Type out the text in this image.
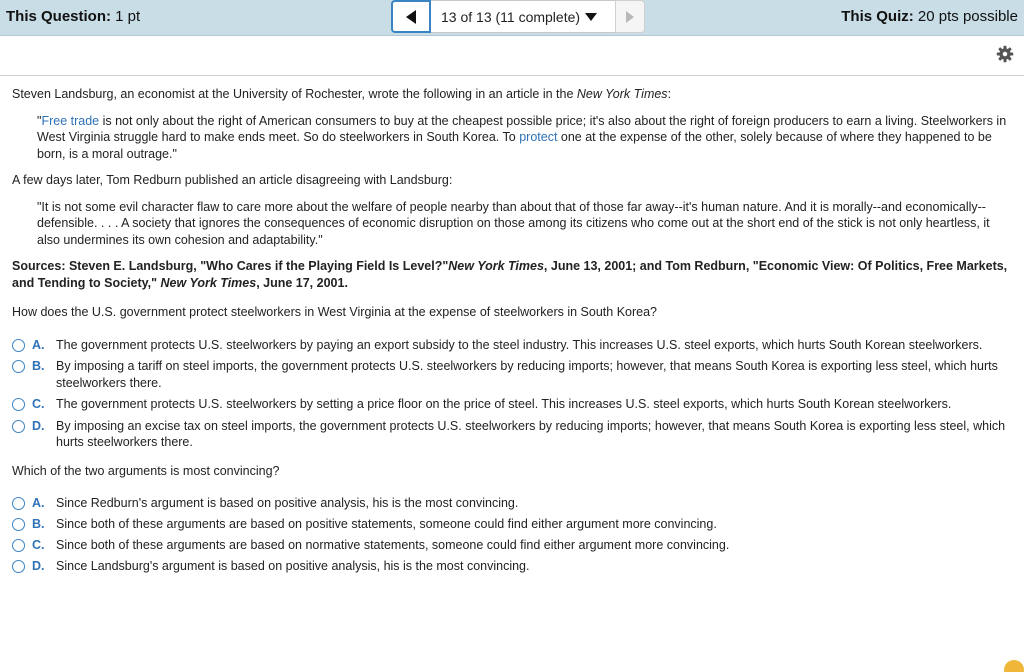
This Question: 1 pt	13 of 13 (11 complete)	This Quiz: 20 pts possible
Steven Landsburg, an economist at the University of Rochester, wrote the following in an article in the New York Times:
"Free trade is not only about the right of American consumers to buy at the cheapest possible price; it's also about the right of foreign producers to earn a living. Steelworkers in West Virginia struggle hard to make ends meet. So do steelworkers in South Korea. To protect one at the expense of the other, solely because of where they happened to be born, is a moral outrage."
A few days later, Tom Redburn published an article disagreeing with Landsburg:
"It is not some evil character flaw to care more about the welfare of people nearby than about that of those far away--it's human nature. And it is morally--and economically--defensible. . . . A society that ignores the consequences of economic disruption on those among its citizens who come out at the short end of the stick is not only heartless, it also undermines its own cohesion and adaptability."
Sources: Steven E. Landsburg, "Who Cares if the Playing Field Is Level?"New York Times, June 13, 2001; and Tom Redburn, "Economic View: Of Politics, Free Markets, and Tending to Society," New York Times, June 17, 2001.
How does the U.S. government protect steelworkers in West Virginia at the expense of steelworkers in South Korea?
A. The government protects U.S. steelworkers by paying an export subsidy to the steel industry. This increases U.S. steel exports, which hurts South Korean steelworkers.
B. By imposing a tariff on steel imports, the government protects U.S. steelworkers by reducing imports; however, that means South Korea is exporting less steel, which hurts steelworkers there.
C. The government protects U.S. steelworkers by setting a price floor on the price of steel. This increases U.S. steel exports, which hurts South Korean steelworkers.
D. By imposing an excise tax on steel imports, the government protects U.S. steelworkers by reducing imports; however, that means South Korea is exporting less steel, which hurts steelworkers there.
Which of the two arguments is most convincing?
A. Since Redburn's argument is based on positive analysis, his is the most convincing.
B. Since both of these arguments are based on positive statements, someone could find either argument more convincing.
C. Since both of these arguments are based on normative statements, someone could find either argument more convincing.
D. Since Landsburg's argument is based on positive analysis, his is the most convincing.
